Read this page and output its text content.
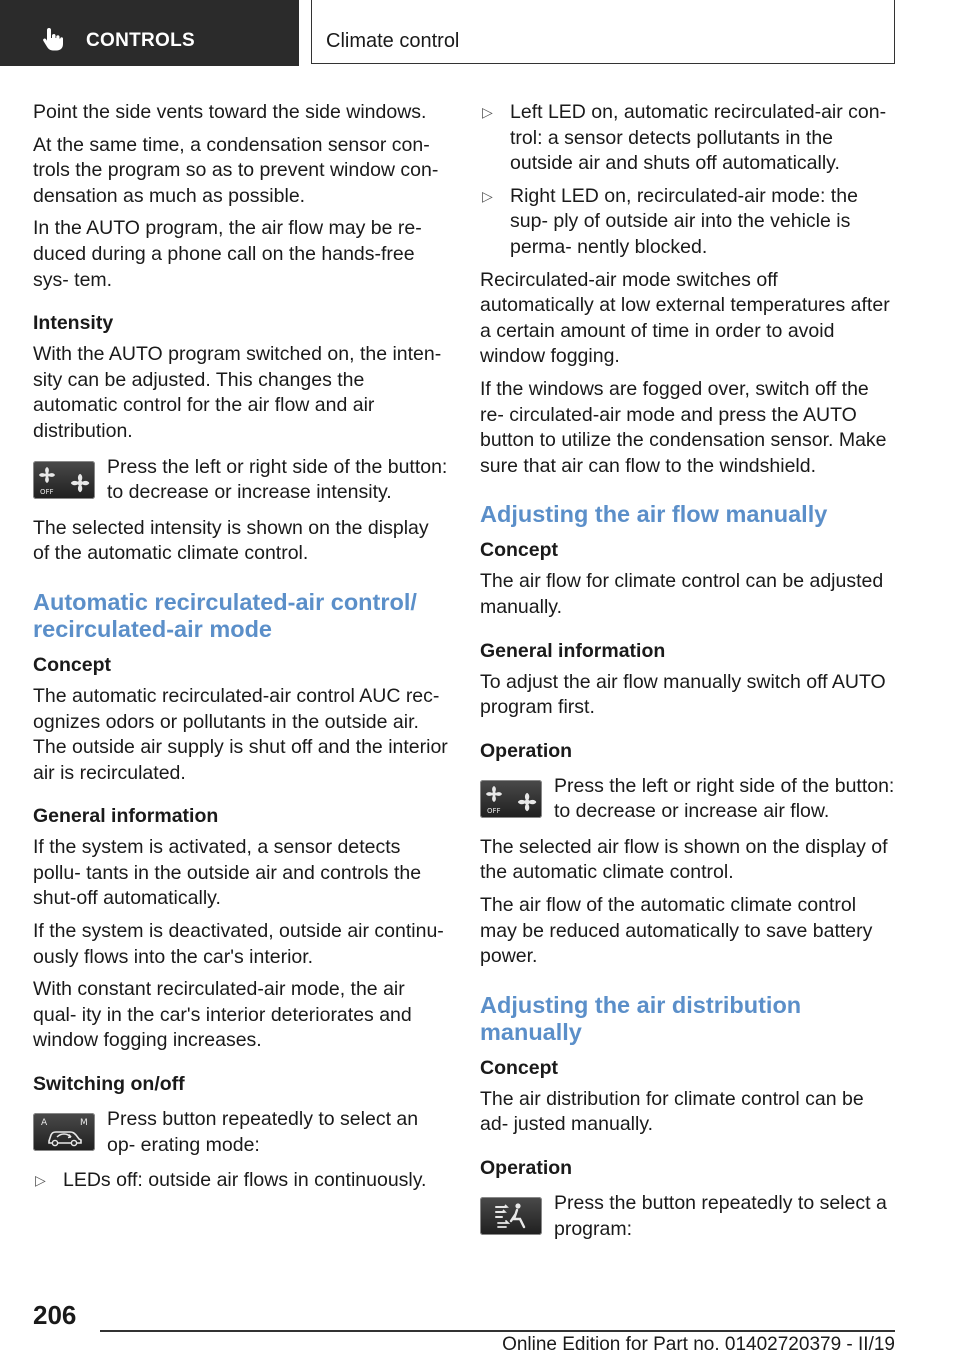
CONTROLS	Climate control

Point the side vents toward the side windows.

At the same time, a condensation sensor con‐ trols the program so as to prevent window con‐ densation as much as possible.

In the AUTO program, the air flow may be re‐ duced during a phone call on the hands-free sys‐ tem.

Intensity

With the AUTO program switched on, the inten‐ sity can be adjusted. This changes the automatic control for the air flow and air distribution.

OFF
Press the left or right side of the button: to decrease or increase intensity.

The selected intensity is shown on the display of the automatic climate control.

Automatic recirculated-air control/ recirculated-air mode
Concept

The automatic recirculated-air control AUC rec‐ ognizes odors or pollutants in the outside air. The outside air supply is shut off and the interior air is recirculated.

General information

If the system is activated, a sensor detects pollu‐ tants in the outside air and controls the shut-off automatically.

If the system is deactivated, outside air continu‐ ously flows into the car's interior.

With constant recirculated-air mode, the air qual‐ ity in the car's interior deteriorates and window fogging increases.

Switching on/off
A	M Press button repeatedly to select an op‐ erating mode:
▷ LEDs off: outside air flows in continuously.
▷ Left LED on, automatic recirculated-air con‐ trol: a sensor detects pollutants in the outside air and shuts off automatically.
▷ Right LED on, recirculated-air mode: the sup‐ ply of outside air into the vehicle is perma‐ nently blocked.

Recirculated-air mode switches off automatically at low external temperatures after a certain amount of time in order to avoid window fogging.

If the windows are fogged over, switch off the re‐ circulated-air mode and press the AUTO button to utilize the condensation sensor. Make sure that air can flow to the windshield.

Adjusting the air flow manually
Concept

The air flow for climate control can be adjusted manually.

General information

To adjust the air flow manually switch off AUTO program first.

Operation
OFF
Press the left or right side of the button: to decrease or increase air flow.

The selected air flow is shown on the display of the automatic climate control.

The air flow of the automatic climate control may be reduced automatically to save battery power.

Adjusting the air distribution manually
Concept

The air distribution for climate control can be ad‐ justed manually.

Operation
Press the button repeatedly to select a program:
206
Online Edition for Part no. 01402720379 - II/19
